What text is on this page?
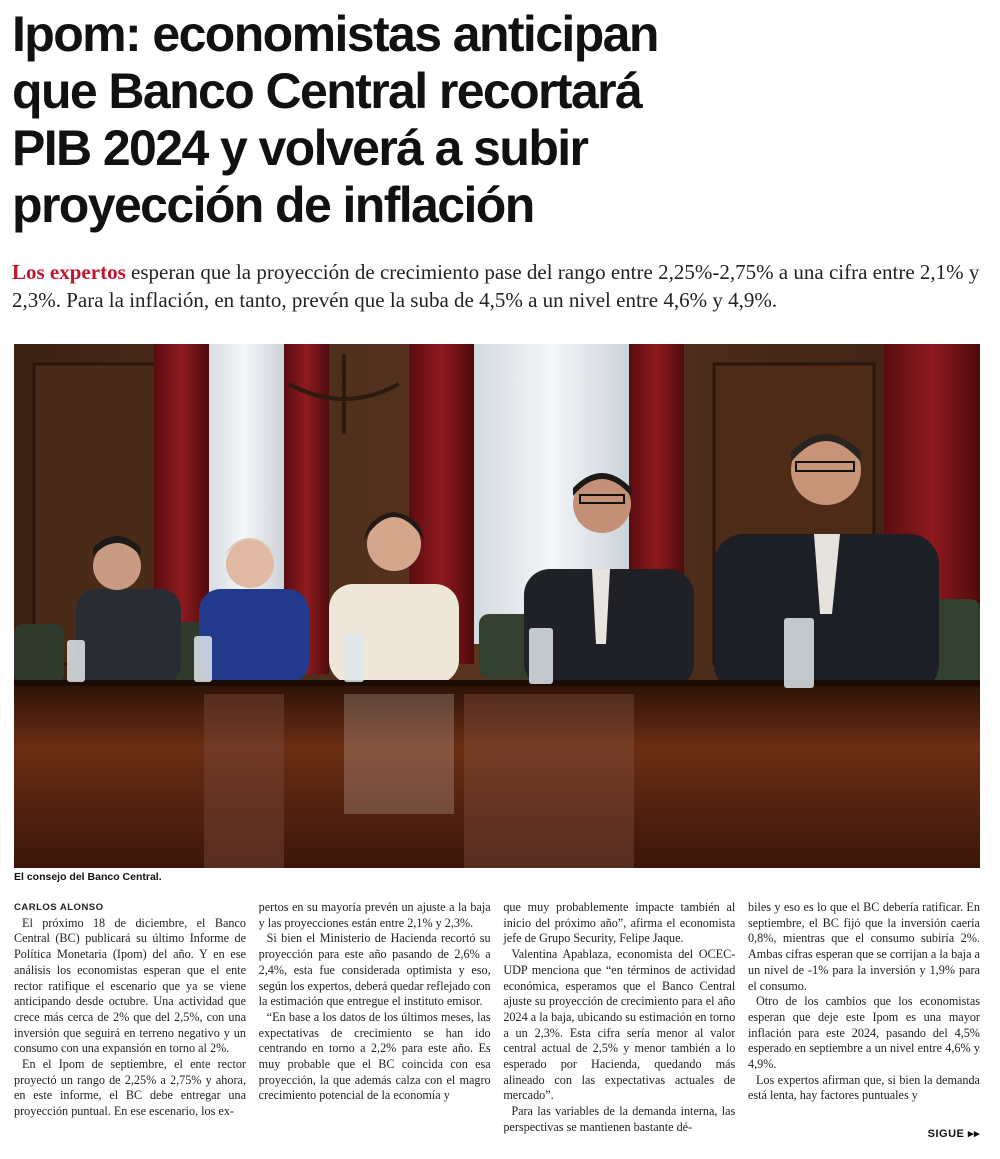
Ipom: economistas anticipan
que Banco Central recortará
PIB 2024 y volverá a subir
proyección de inflación

Los expertos esperan que la proyección de crecimiento pase del rango entre 2,25%-2,75% a una cifra entre 2,1% y 2,3%. Para la inflación, en tanto, prevén que la suba de 4,5% a un nivel entre 4,6% y 4,9%.

El consejo del Banco Central.

CARLOS ALONSO

El próximo 18 de diciembre, el Banco Central (BC) publicará su último Informe de Política Monetaria (Ipom) del año. Y en ese análisis los economistas esperan que el ente rector ratifique el escenario que ya se viene anticipando desde octubre. Una actividad que crece más cerca de 2% que del 2,5%, con una inversión que seguirá en terreno negativo y un consumo con una expansión en torno al 2%.

En el Ipom de septiembre, el ente rector proyectó un rango de 2,25% a 2,75% y ahora, en este informe, el BC debe entregar una proyección puntual. En ese escenario, los ex-

pertos en su mayoría prevén un ajuste a la baja y las proyecciones están entre 2,1% y 2,3%.

Si bien el Ministerio de Hacienda recortó su proyección para este año pasando de 2,6% a 2,4%, esta fue considerada optimista y eso, según los expertos, deberá quedar reflejado con la estimación que entregue el instituto emisor.

“En base a los datos de los últimos meses, las expectativas de crecimiento se han ido centrando en torno a 2,2% para este año. Es muy probable que el BC coincida con esa proyección, la que además calza con el magro crecimiento potencial de la economía y

que muy probablemente impacte también al inicio del próximo año”, afirma el economista jefe de Grupo Security, Felipe Jaque.

Valentina Apablaza, economista del OCEC-UDP menciona que “en términos de actividad económica, esperamos que el Banco Central ajuste su proyección de crecimiento para el año 2024 a la baja, ubicando su estimación en torno a un 2,3%. Esta cifra sería menor al valor central actual de 2,5% y menor también a lo esperado por Hacienda, quedando más alineado con las expectativas actuales de mercado”.

Para las variables de la demanda interna, las perspectivas se mantienen bastante dé-

biles y eso es lo que el BC debería ratificar. En septiembre, el BC fijó que la inversión caería 0,8%, mientras que el consumo subiría 2%. Ambas cifras esperan que se corrijan a la baja a un nivel de -1% para la inversión y 1,9% para el consumo.

Otro de los cambios que los economistas esperan que deje este Ipom es una mayor inflación para este 2024, pasando del 4,5% esperado en septiembre a un nivel entre 4,6% y 4,9%.

Los expertos afirman que, si bien la demanda está lenta, hay factores puntuales y

SIGUE ▸▸
